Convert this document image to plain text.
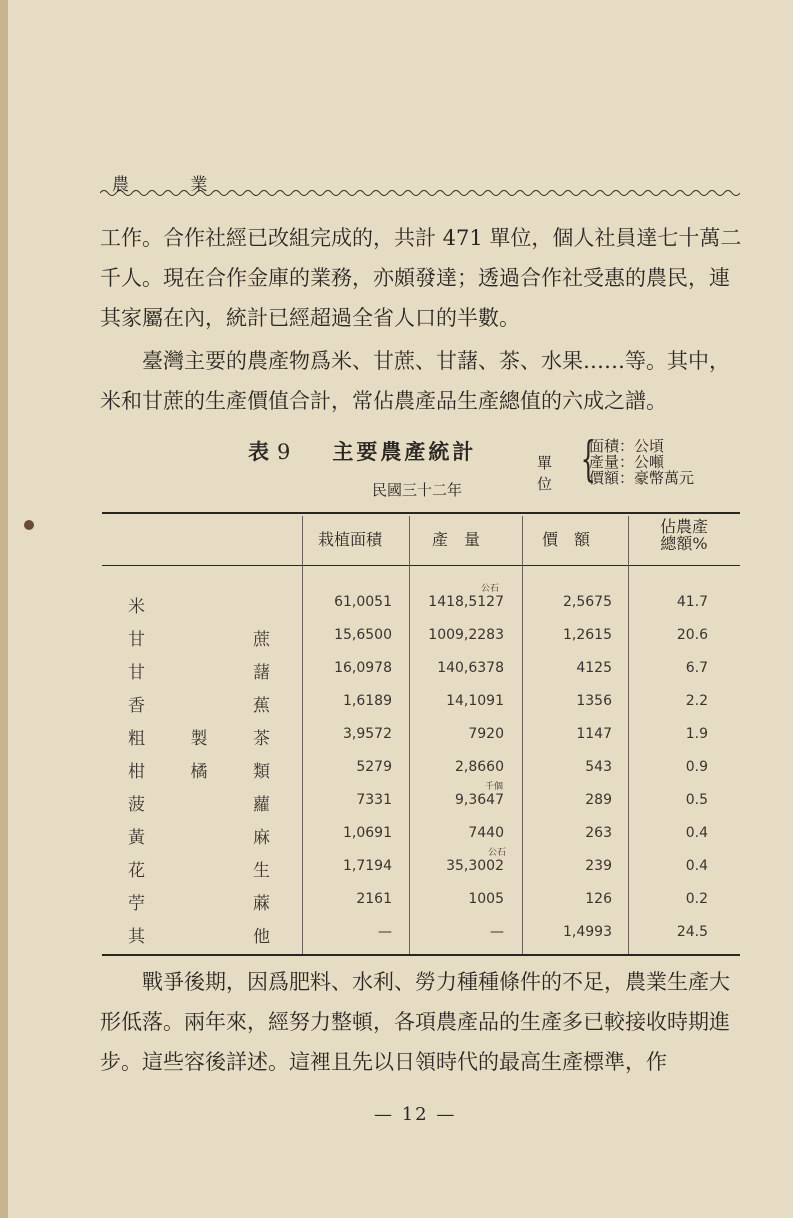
農 業

工作。合作社經已改組完成的，共計 471 單位，個人社員達七十萬二千人。現在合作金庫的業務，亦頗發達；透過合作社受惠的農民，連其家屬在內，統計已經超過全省人口的半數。

臺灣主要的農產物爲米、甘蔗、甘藷、茶、水果……等。其中，米和甘蔗的生產價值合計，常佔農產品生產總值的六成之譜。

表 9 主要農產統計
民國三十二年
單位 {
面積：公頃
產量：公噸
價額：豪幣萬元
栽植面積	產　量	價　額
佔農產
總額%
米	61,0051	1418,5127	2,5675	41.7
甘	蔗	15,6500	1009,2283	1,2615	20.6
甘	藷	16,0978	140,6378	4125	6.7
香	蕉	1,6189	14,1091	1356	2.2
粗	製	茶	3,9572	7920	1147	1.9
柑	橘	類	5279	2,8660	543	0.9
菠	蘿	7331	9,3647	289	0.5
黃	麻	1,0691	7440	263	0.4
花	生	1,7194	35,3002	239	0.4
苧	蔴	2161	1005	126	0.2
其	他	—	—	1,4993	24.5
公石
千個
公石

戰爭後期，因爲肥料、水利、勞力種種條件的不足，農業生產大形低落。兩年來，經努力整頓，各項農產品的生產多已較接收時期進步。這些容後詳述。這裡且先以日領時代的最高生產標準，作

— 12 —
